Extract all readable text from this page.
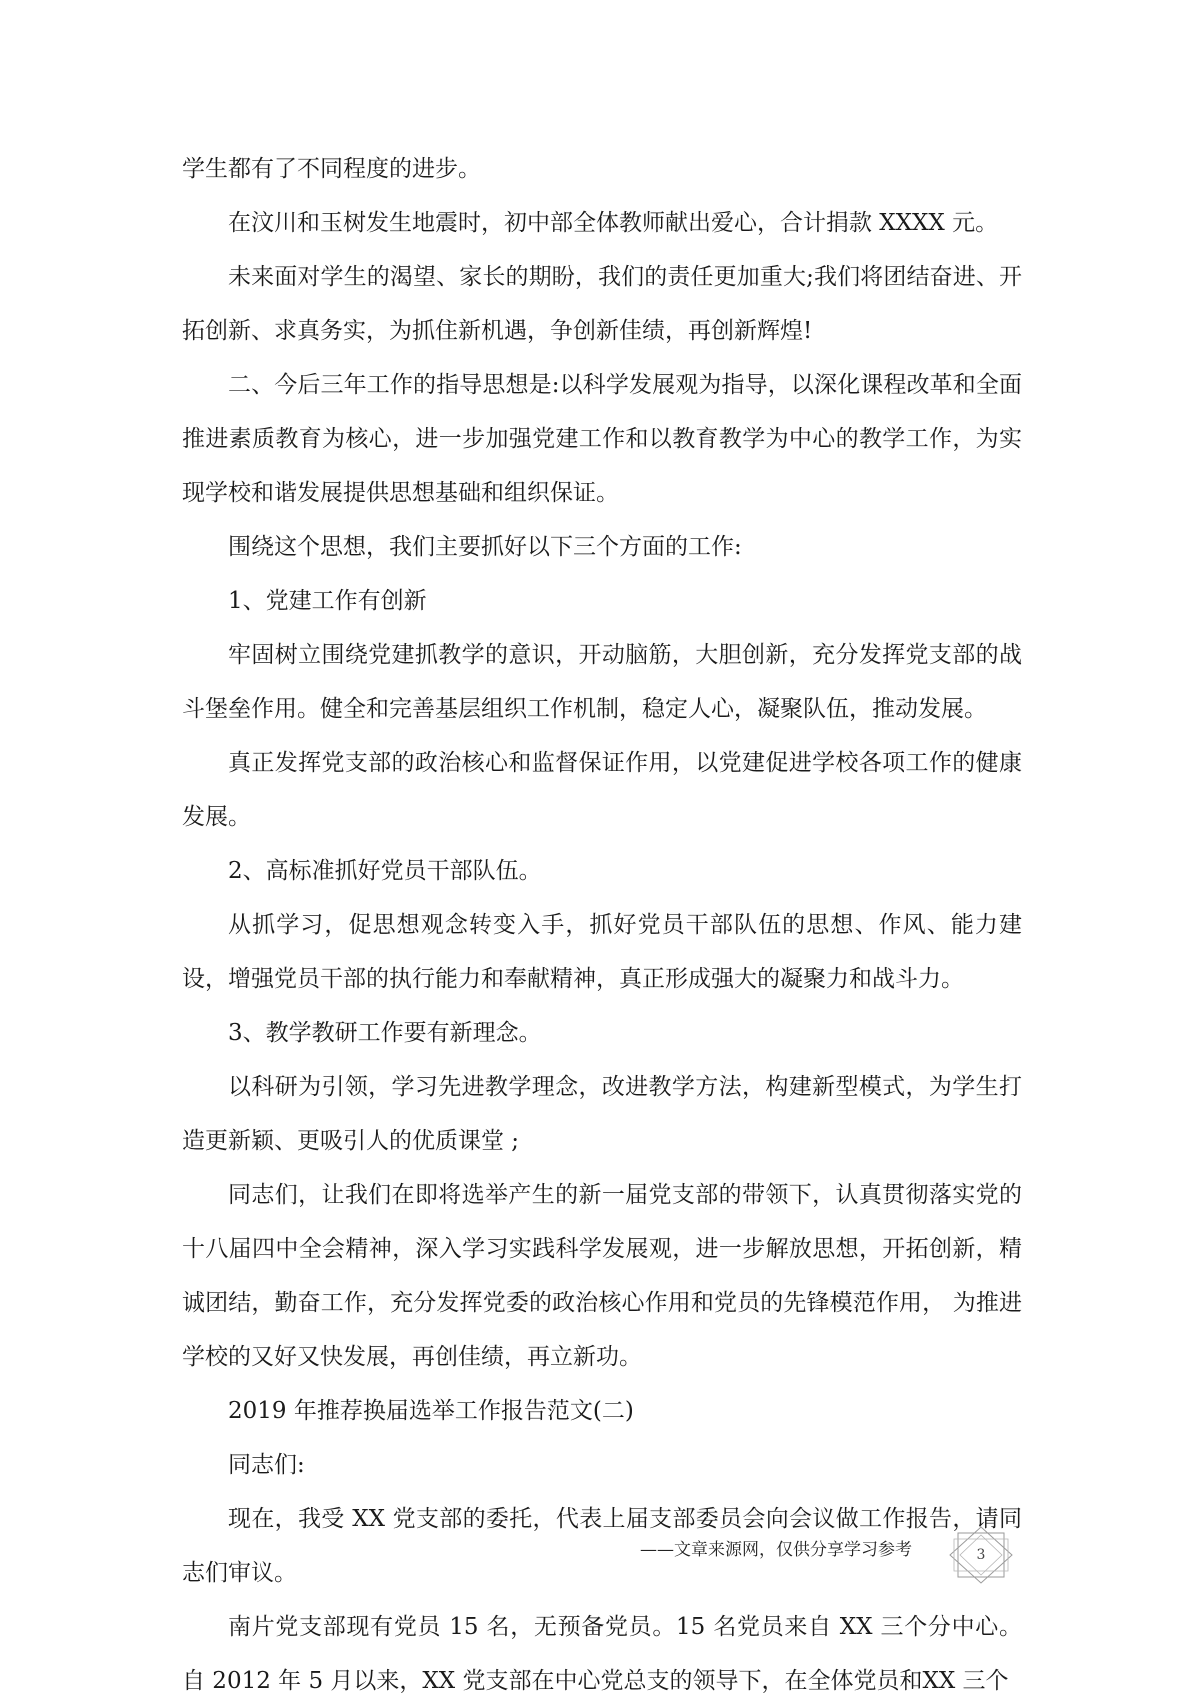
学生都有了不同程度的进步。

在汶川和玉树发生地震时，初中部全体教师献出爱心，合计捐款 XXXX 元。

未来面对学生的渴望、家长的期盼，我们的责任更加重大;我们将团结奋进、开拓创新、求真务实，为抓住新机遇，争创新佳绩，再创新辉煌!

二、今后三年工作的指导思想是:以科学发展观为指导，以深化课程改革和全面推进素质教育为核心，进一步加强党建工作和以教育教学为中心的教学工作，为实现学校和谐发展提供思想基础和组织保证。

围绕这个思想，我们主要抓好以下三个方面的工作:

1、党建工作有创新

牢固树立围绕党建抓教学的意识，开动脑筋，大胆创新，充分发挥党支部的战斗堡垒作用。健全和完善基层组织工作机制，稳定人心，凝聚队伍，推动发展。

真正发挥党支部的政治核心和监督保证作用，以党建促进学校各项工作的健康发展。

2、高标准抓好党员干部队伍。

从抓学习，促思想观念转变入手，抓好党员干部队伍的思想、作风、能力建设，增强党员干部的执行能力和奉献精神，真正形成强大的凝聚力和战斗力。

3、教学教研工作要有新理念。

以科研为引领，学习先进教学理念，改进教学方法，构建新型模式，为学生打造更新颖、更吸引人的优质课堂 ;

同志们，让我们在即将选举产生的新一届党支部的带领下，认真贯彻落实党的十八届四中全会精神，深入学习实践科学发展观，进一步解放思想，开拓创新，精诚团结，勤奋工作，充分发挥党委的政治核心作用和党员的先锋模范作用， 为推进学校的又好又快发展，再创佳绩，再立新功。

2019 年推荐换届选举工作报告范文(二)

同志们:

现在，我受 XX 党支部的委托，代表上届支部委员会向会议做工作报告，请同志们审议。

南片党支部现有党员 15 名，无预备党员。15 名党员来自 XX 三个分中心。自 2012 年 5 月以来，XX 党支部在中心党总支的领导下，在全体党员和XX 三个

——文章来源网，仅供分享学习参考	3
